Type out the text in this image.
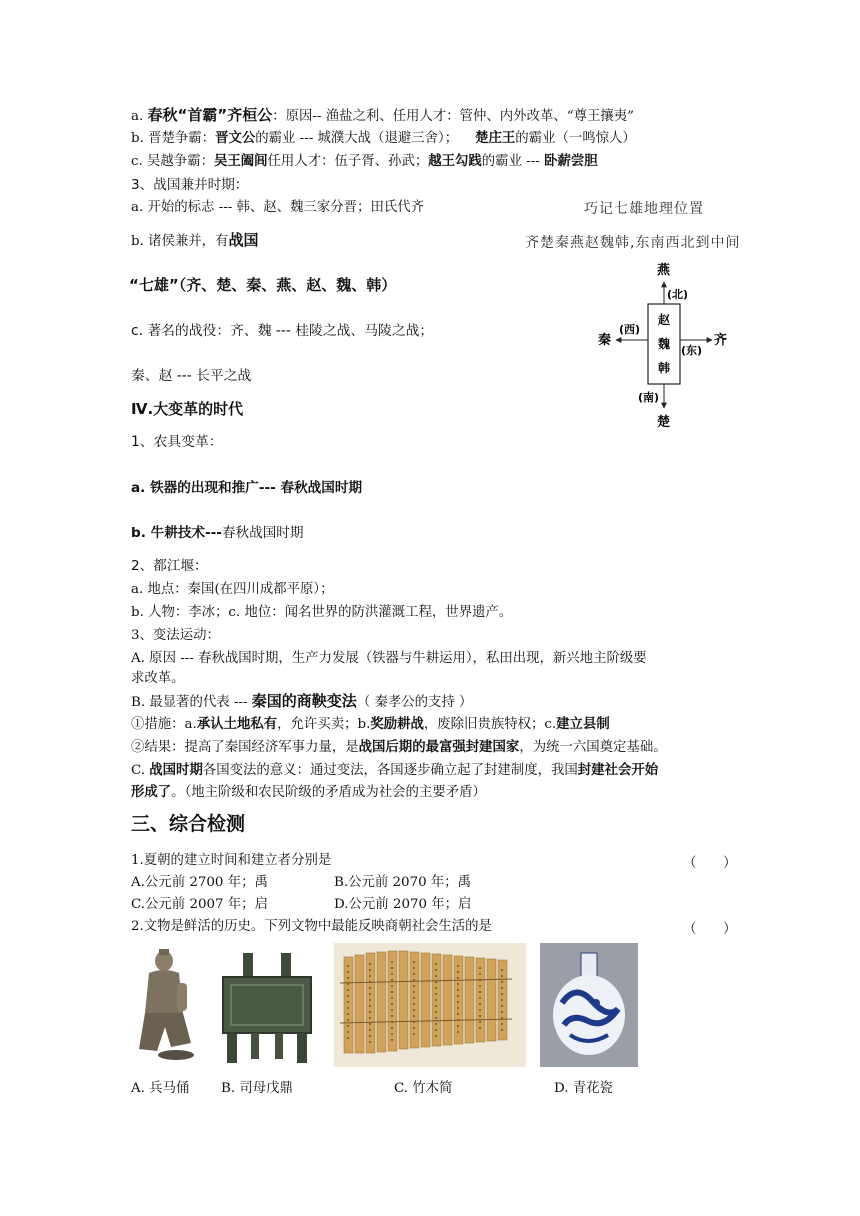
a. 春秋“首霸”齐桓公：原因-- 渔盐之利、任用人才：管仲、内外改革、“尊王攘夷”
b. 晋楚争霸：晋文公的霸业 --- 城濮大战（退避三舍）； 楚庄王的霸业（一鸣惊人）
c. 吴越争霸：吴王阖闾任用人才：伍子胥、孙武；越王勾践的霸业 --- 卧薪尝胆
3、战国兼并时期：
a. 开始的标志 --- 韩、赵、魏三家分晋；田氏代齐
b. 诸侯兼并，有战国
“七雄”（齐、楚、秦、燕、赵、魏、韩）
c. 著名的战役：齐、魏 --- 桂陵之战、马陵之战；
秦、赵 --- 长平之战
巧记七雄地理位置
齐楚秦燕赵魏韩,东南西北到中间
燕
(北)
秦
(西)
齐
(东)
楚
(南)
赵
魏
韩
Ⅳ.大变革的时代
1、农具变革：
a. 铁器的出现和推广--- 春秋战国时期
b. 牛耕技术---春秋战国时期
2、都江堰：
a. 地点：秦国(在四川成都平原）；
b. 人物：李冰；c. 地位：闻名世界的防洪灌溉工程，世界遗产。
3、变法运动：
A. 原因 --- 春秋战国时期，生产力发展（铁器与牛耕运用），私田出现，新兴地主阶级要
求改革。
B. 最显著的代表 --- 秦国的商鞅变法（ 秦孝公的支持 ）
①措施：a.承认土地私有，允许买卖；b.奖励耕战，废除旧贵族特权；c.建立县制
②结果：提高了秦国经济军事力量，是战国后期的最富强封建国家，为统一六国奠定基础。
C. 战国时期各国变法的意义：通过变法，各国逐步确立起了封建制度，我国封建社会开始
形成了。（地主阶级和农民阶级的矛盾成为社会的主要矛盾）
三、综合检测
1.夏朝的建立时间和建立者分别是	（　　）
A.公元前 2700 年；禹	B.公元前 2070 年；禹
C.公元前 2007 年；启	D.公元前 2070 年；启
2.文物是鲜活的历史。下列文物中最能反映商朝社会生活的是	（　　）
A. 兵马俑 B. 司母戊鼎	C. 竹木简	D. 青花瓷
